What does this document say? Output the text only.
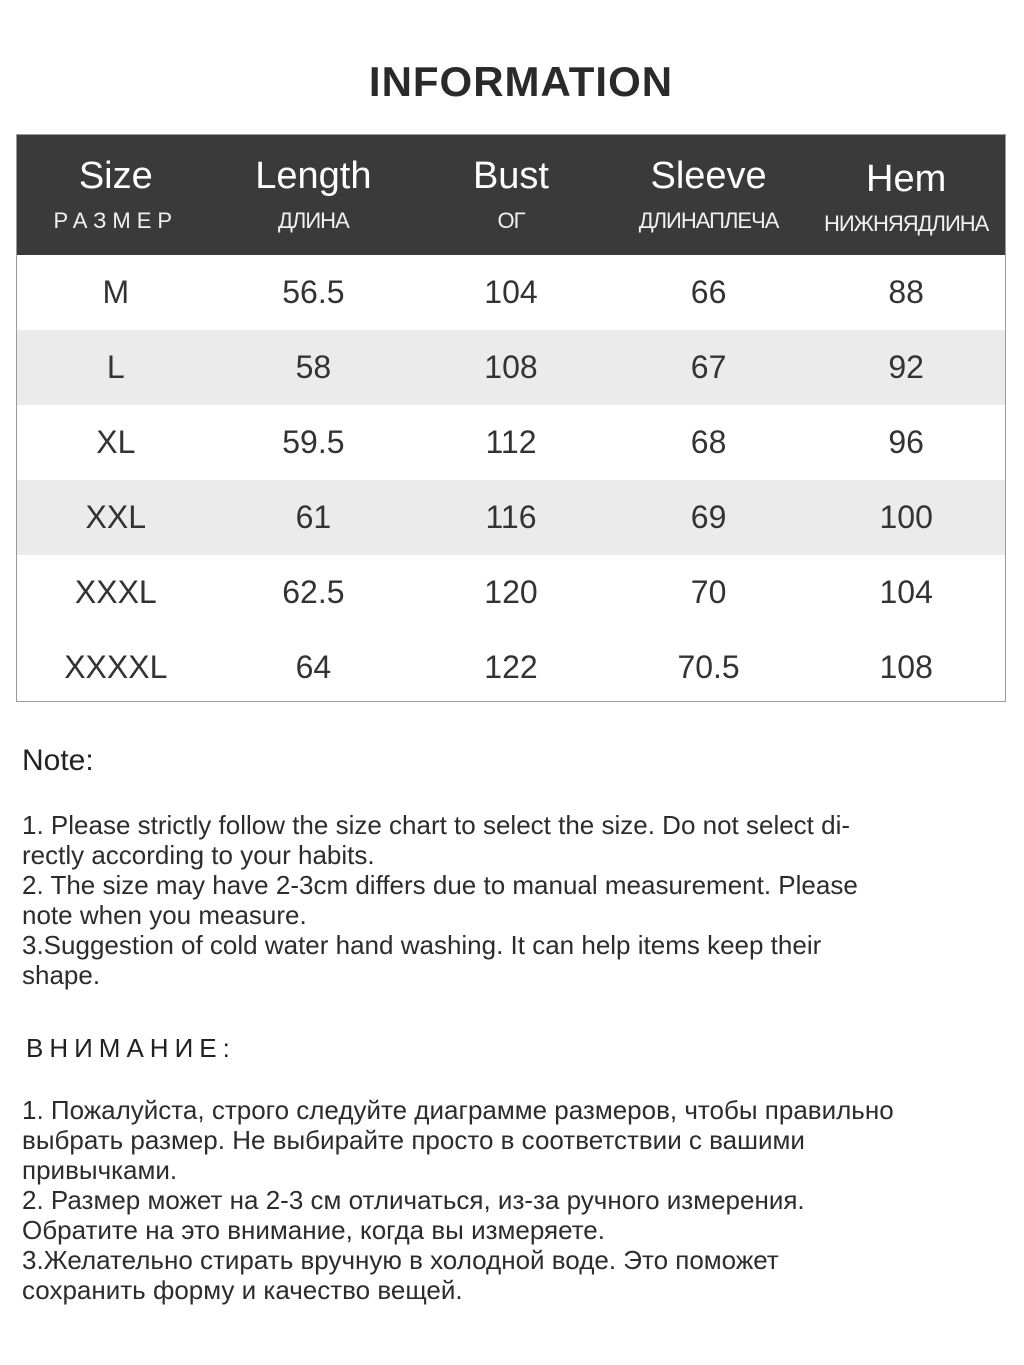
INFORMATION
Size
РАЗМЕР
Length
ДЛИНА
Bust
ОГ
Sleeve
ДЛИНАПЛЕЧА
Hem
НИЖНЯЯДЛИНА
M	56.5	104	66	88
L	58	108	67	92
XL	59.5	112	68	96
XXL	61	116	69	100
XXXL	62.5	120	70	104
XXXXL	64	122	70.5	108
Note:

1. Please strictly follow the size chart to select the size. Do not select di-

rectly according to your habits.

2. The size may have 2-3cm differs due to manual measurement. Please

note when you measure.

3.Suggestion of cold water hand washing. It can help items keep their

shape.

ВНИМАНИЕ:

1. Пожалуйста, строго следуйте диаграмме размеров, чтобы правильно

выбрать размер. Не выбирайте просто в соответствии с вашими

привычками.

2. Размер может на 2-3 см отличаться, из-за ручного измерения.

Обратите на это внимание, когда вы измеряете.

3.Желательно стирать вручную в холодной воде. Это поможет

сохранить форму и качество вещей.
